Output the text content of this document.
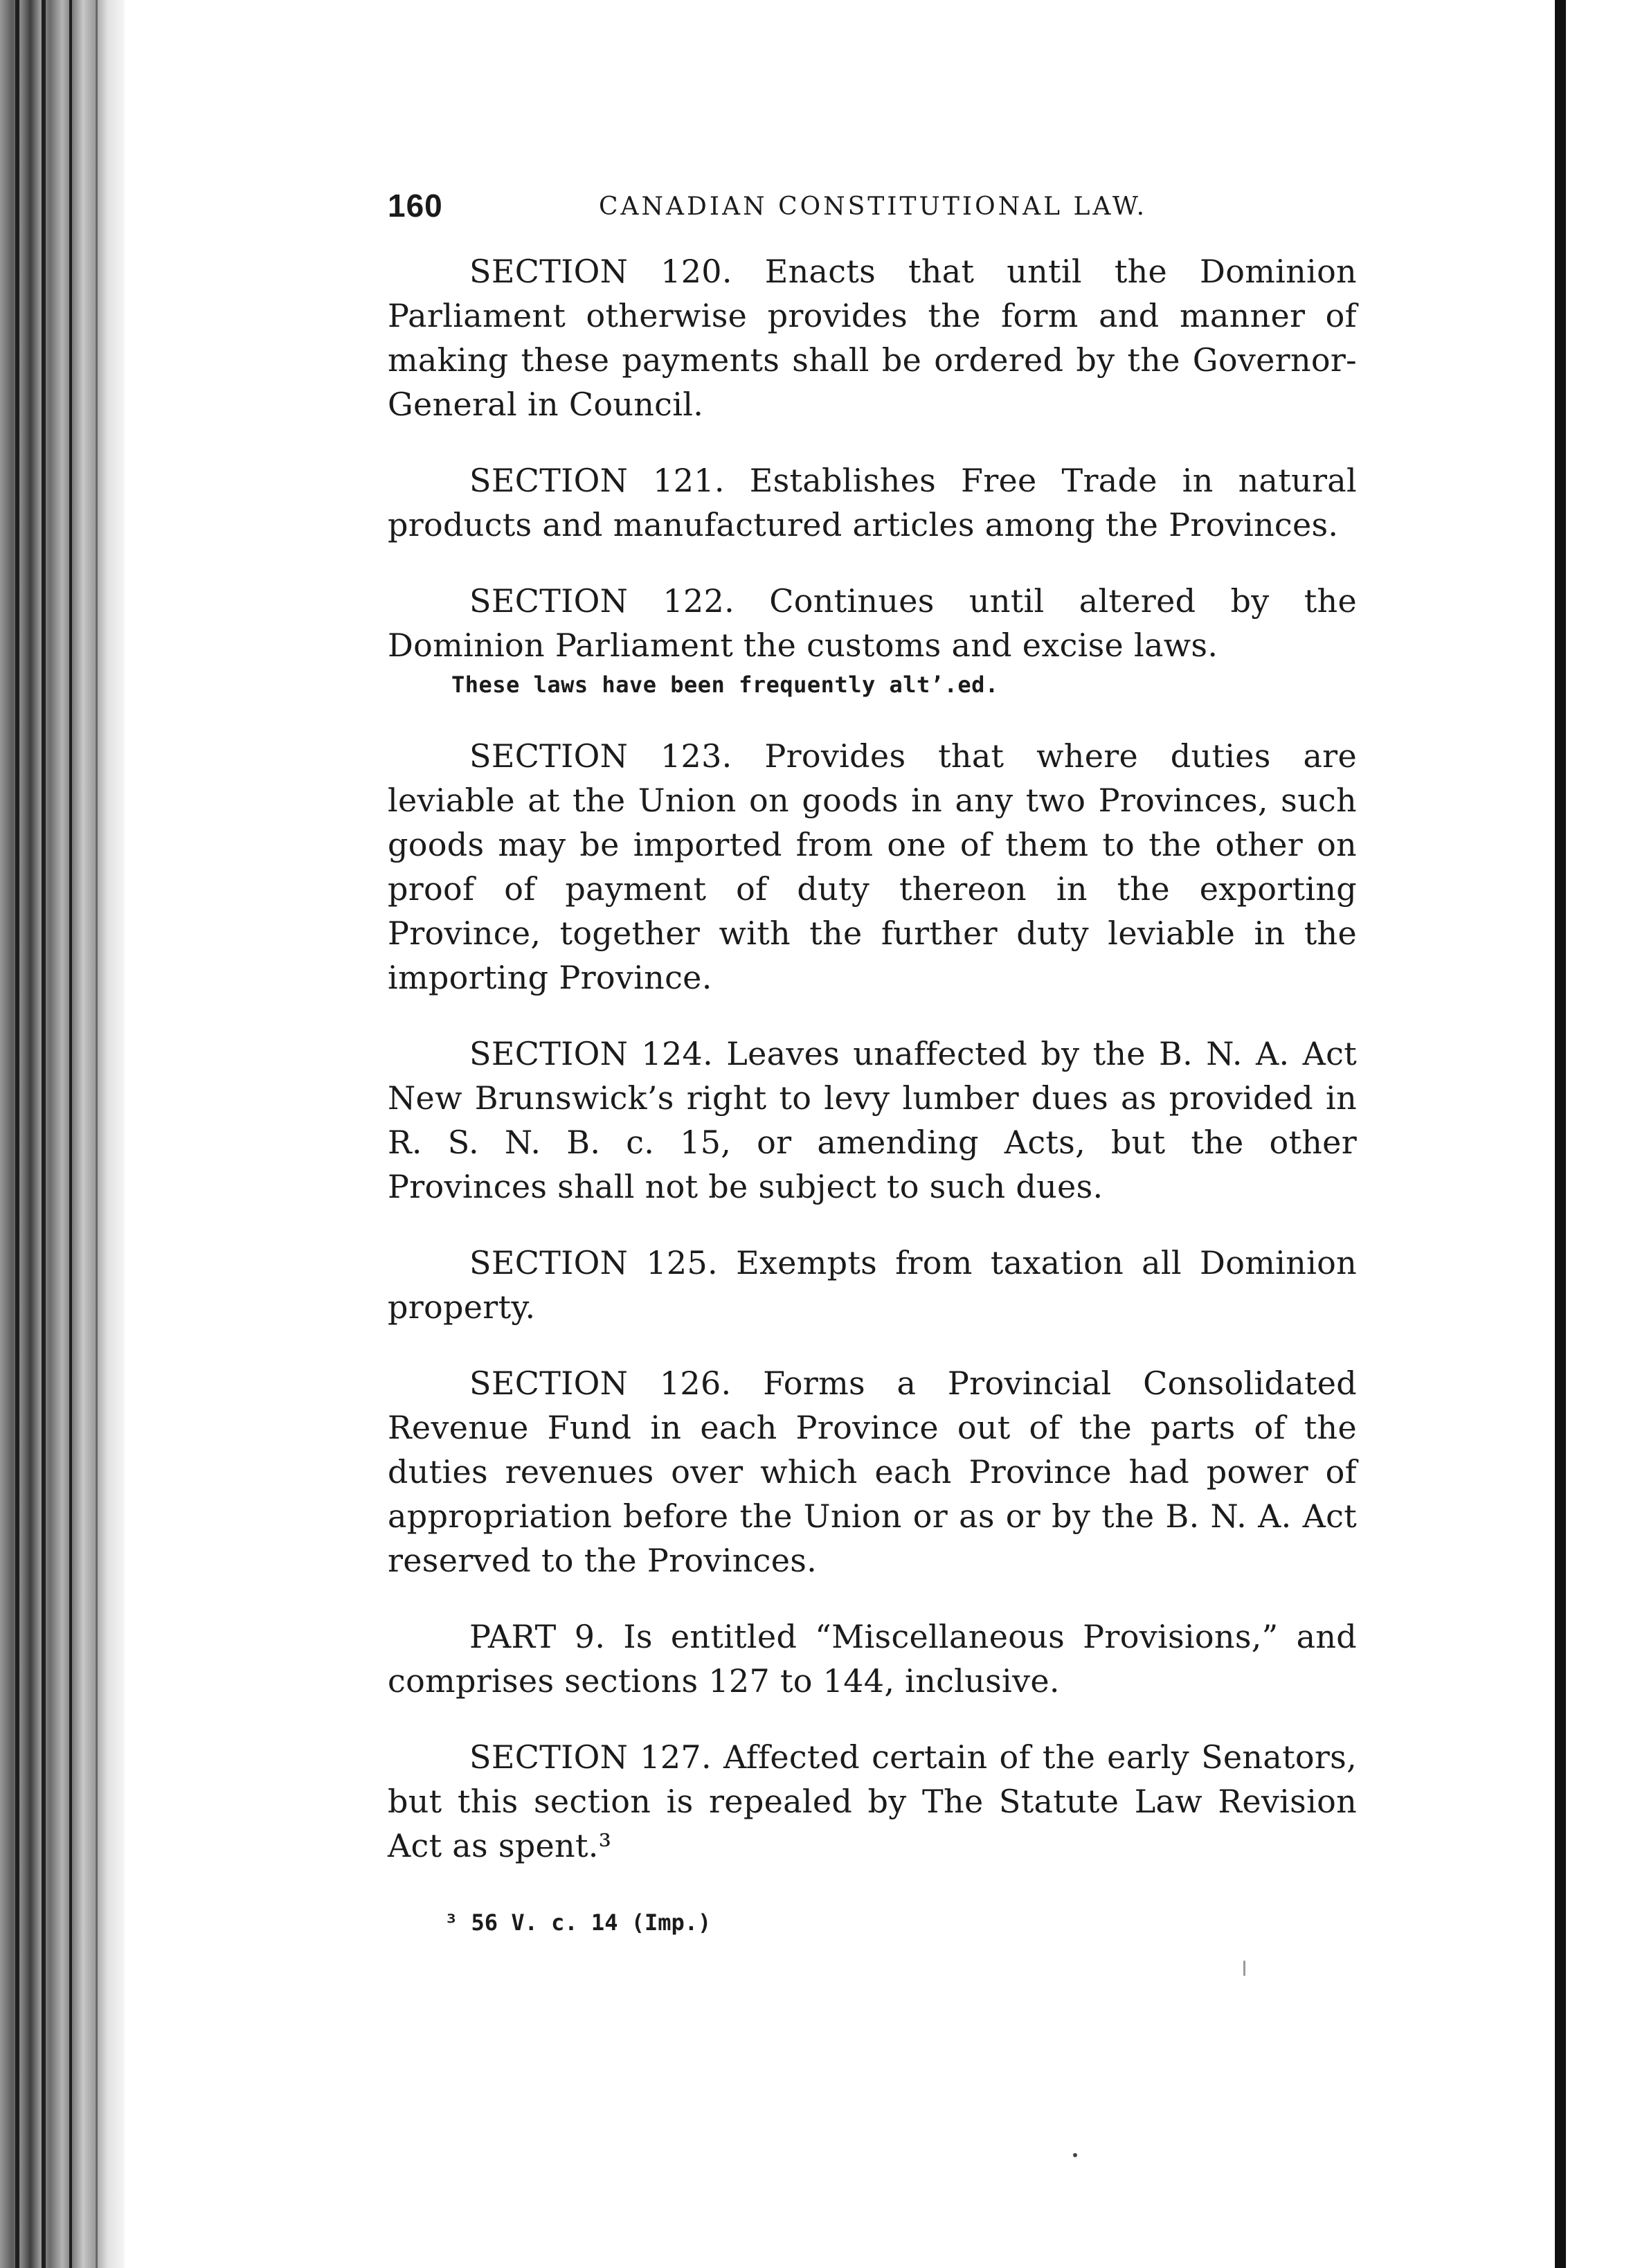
160	CANADIAN CONSTITUTIONAL LAW.

SECTION 120. Enacts that until the Dominion Parliament otherwise provides the form and manner of making these payments shall be ordered by the Governor-General in Council.

SECTION 121. Establishes Free Trade in natural products and manufactured articles among the Provinces.

SECTION 122. Continues until altered by the Dominion Parliament the customs and excise laws.

These laws have been frequently alt’.ed.

SECTION 123. Provides that where duties are leviable at the Union on goods in any two Provinces, such goods may be imported from one of them to the other on proof of payment of duty thereon in the exporting Province, together with the further duty leviable in the importing Province.

SECTION 124. Leaves unaffected by the B. N. A. Act New Brunswick’s right to levy lumber dues as provided in R. S. N. B. c. 15, or amending Acts, but the other Provinces shall not be subject to such dues.

SECTION 125. Exempts from taxation all Dominion property.

SECTION 126. Forms a Provincial Consolidated Revenue Fund in each Province out of the parts of the duties revenues over which each Province had power of appropriation before the Union or as or by the B. N. A. Act reserved to the Provinces.

PART 9. Is entitled “Miscellaneous Provisions,” and comprises sections 127 to 144, inclusive.

SECTION 127. Affected certain of the early Senators, but this section is repealed by The Statute Law Revision Act as spent.³

³ 56 V. c. 14 (Imp.)
